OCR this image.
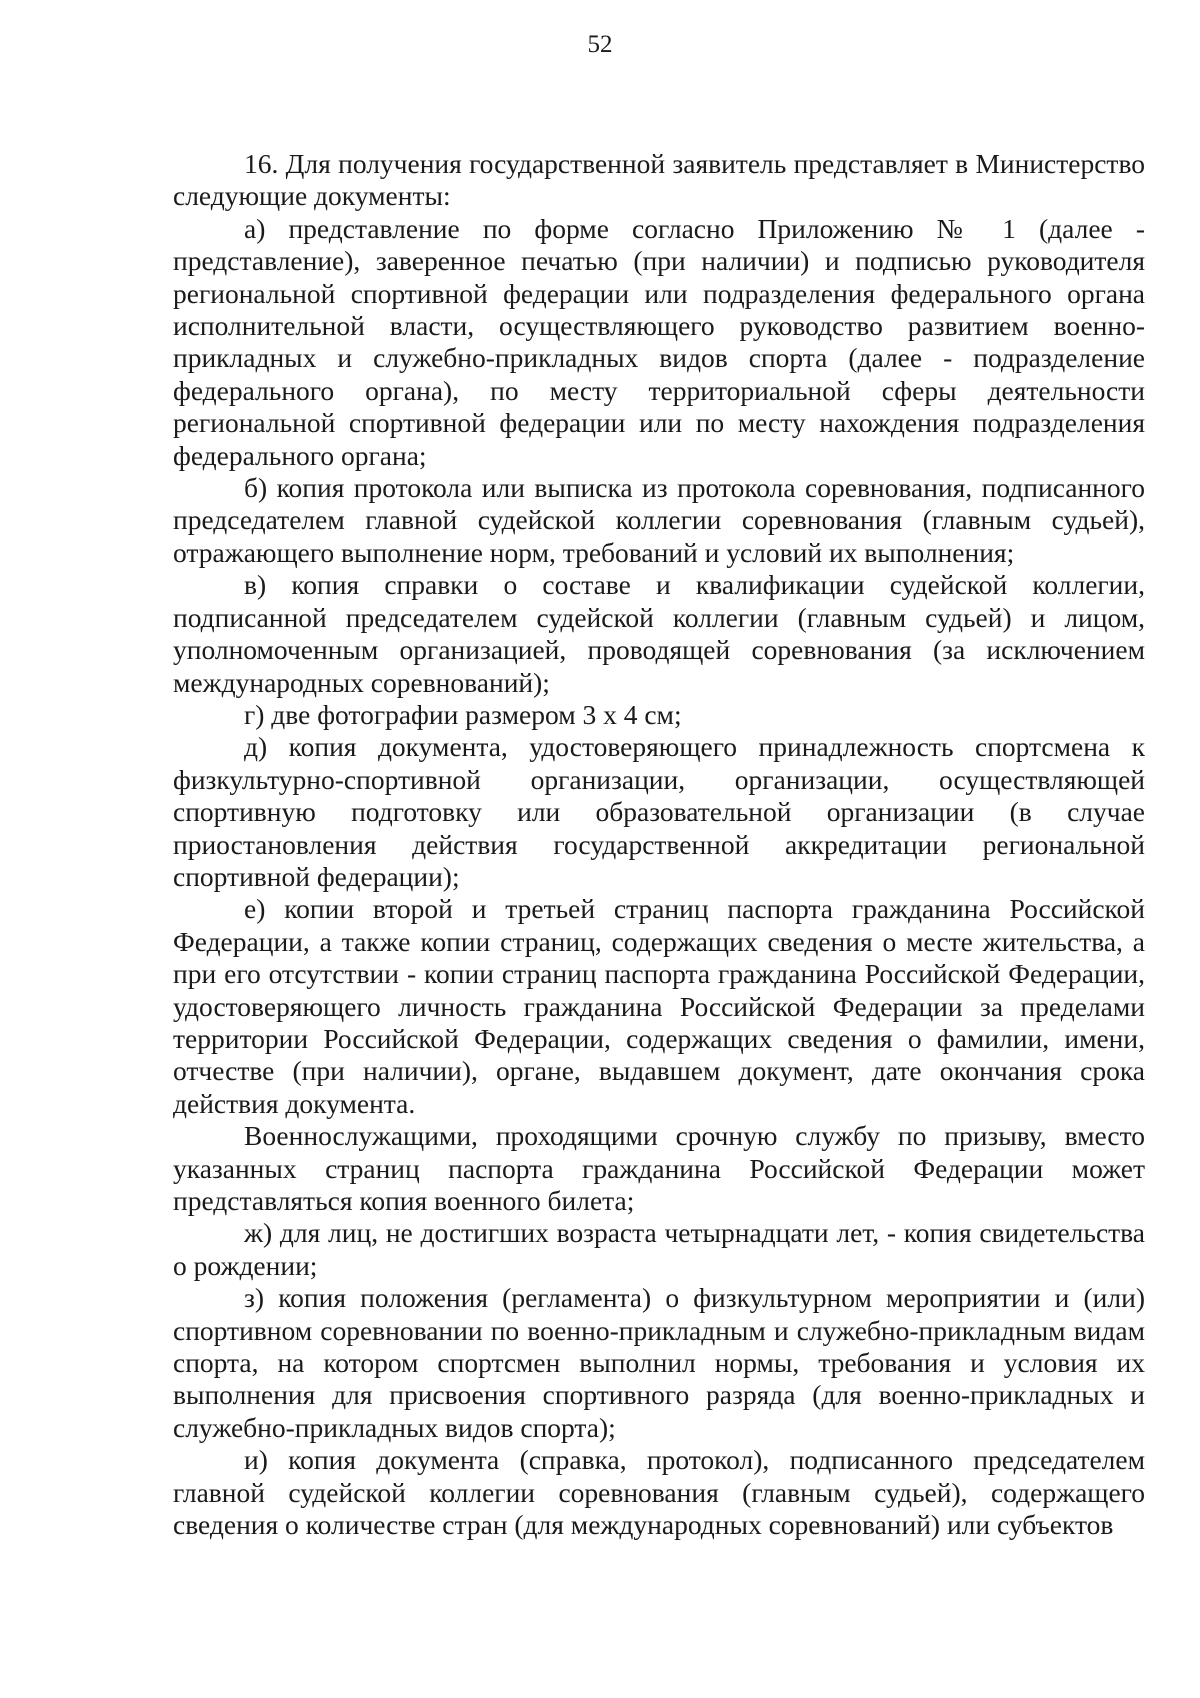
52

16. Для получения государственной заявитель представляет в Министерство следующие документы:

а) представление по форме согласно Приложению № 1 (далее - представление), заверенное печатью (при наличии) и подписью руководителя региональной спортивной федерации или подразделения федерального органа исполнительной власти, осуществляющего руководство развитием военно-прикладных и служебно-прикладных видов спорта (далее - подразделение федерального органа), по месту территориальной сферы деятельности региональной спортивной федерации или по месту нахождения подразделения федерального органа;

б) копия протокола или выписка из протокола соревнования, подписанного председателем главной судейской коллегии соревнования (главным судьей), отражающего выполнение норм, требований и условий их выполнения;

в) копия справки о составе и квалификации судейской коллегии, подписанной председателем судейской коллегии (главным судьей) и лицом, уполномоченным организацией, проводящей соревнования (за исключением международных соревнований);

г) две фотографии размером 3 х 4 см;

д) копия документа, удостоверяющего принадлежность спортсмена к физкультурно-спортивной организации, организации, осуществляющей спортивную подготовку или образовательной организации (в случае приостановления действия государственной аккредитации региональной спортивной федерации);

е) копии второй и третьей страниц паспорта гражданина Российской Федерации, а также копии страниц, содержащих сведения о месте жительства, а при его отсутствии - копии страниц паспорта гражданина Российской Федерации, удостоверяющего личность гражданина Российской Федерации за пределами территории Российской Федерации, содержащих сведения о фамилии, имени, отчестве (при наличии), органе, выдавшем документ, дате окончания срока действия документа.

Военнослужащими, проходящими срочную службу по призыву, вместо указанных страниц паспорта гражданина Российской Федерации может представляться копия военного билета;

ж) для лиц, не достигших возраста четырнадцати лет, - копия свидетельства о рождении;

з) копия положения (регламента) о физкультурном мероприятии и (или) спортивном соревновании по военно-прикладным и служебно-прикладным видам спорта, на котором спортсмен выполнил нормы, требования и условия их выполнения для присвоения спортивного разряда (для военно-прикладных и служебно-прикладных видов спорта);

и) копия документа (справка, протокол), подписанного председателем главной судейской коллегии соревнования (главным судьей), содержащего сведения о количестве стран (для международных соревнований) или субъектов
